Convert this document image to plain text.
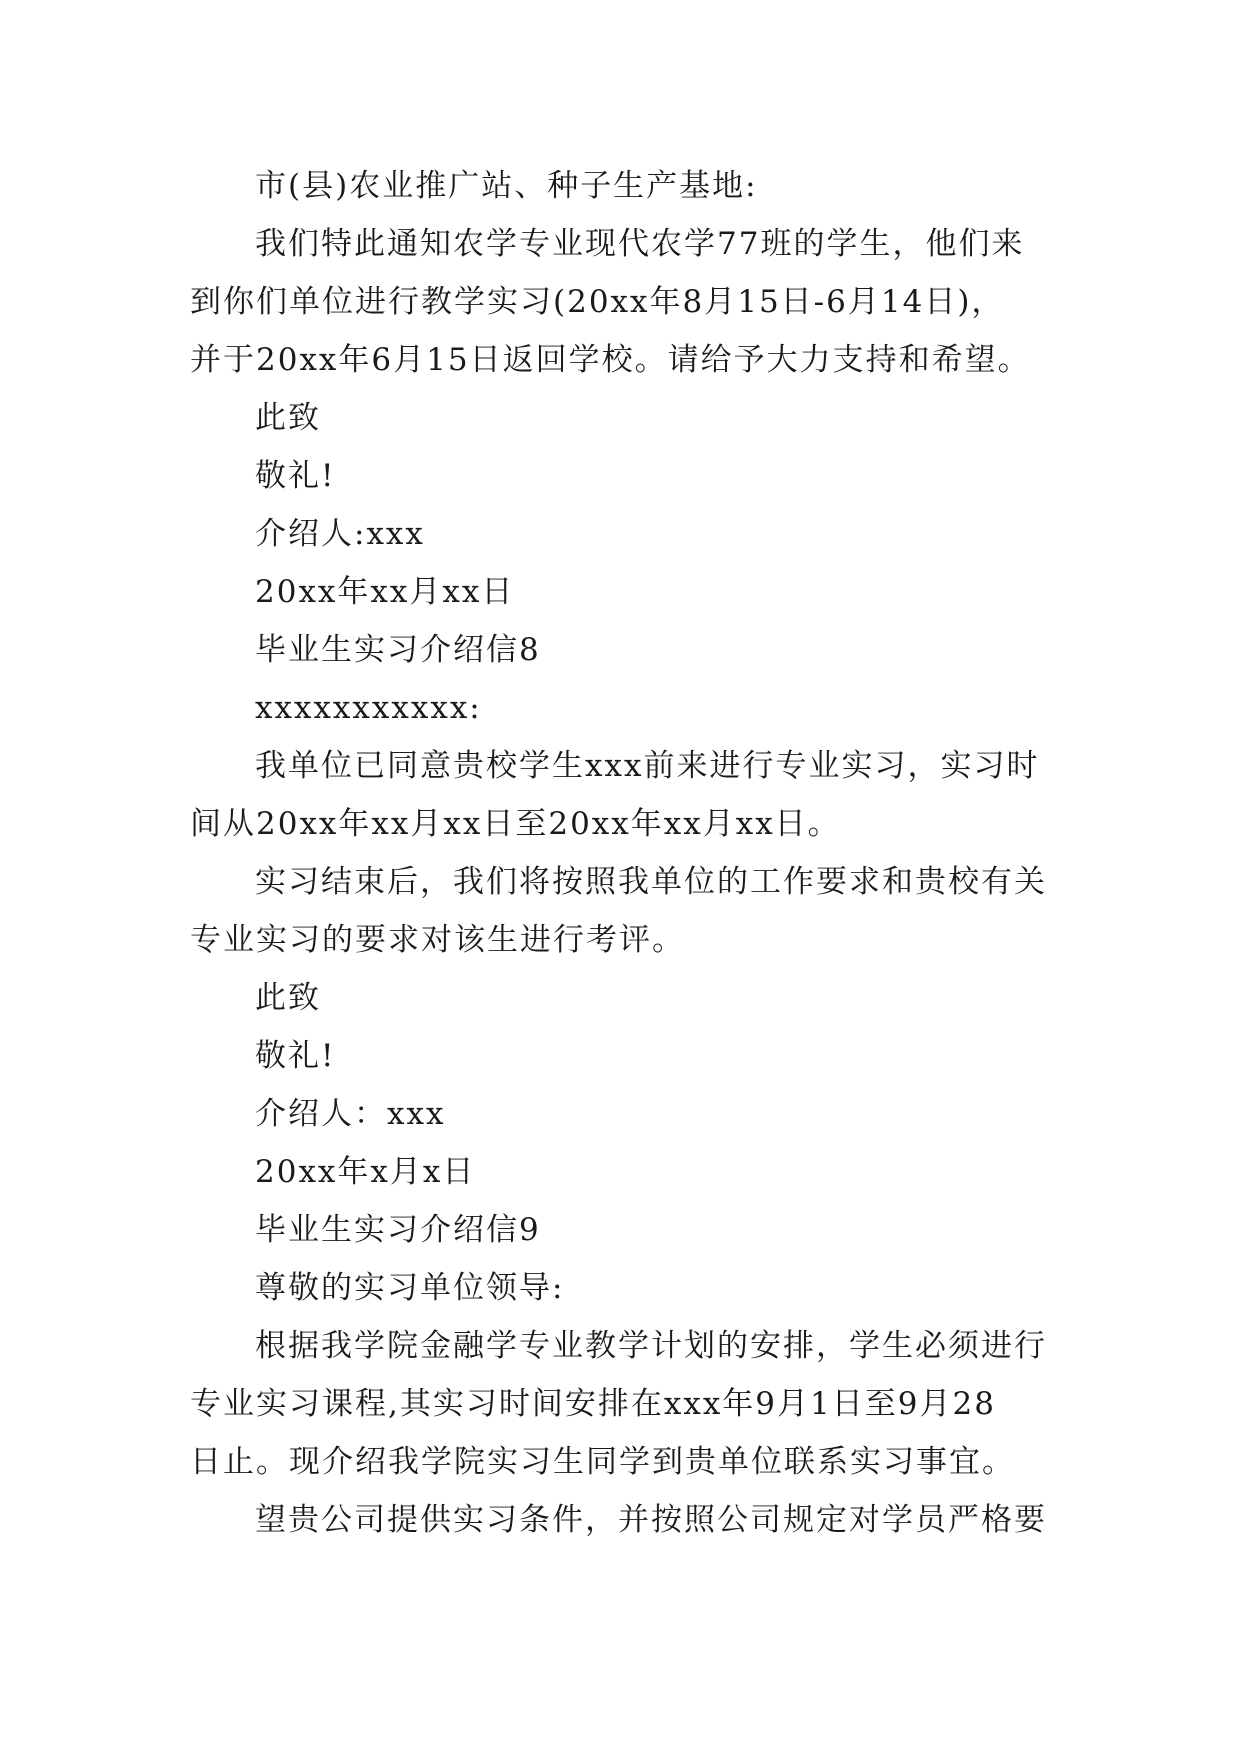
市(县)农业推广站、种子生产基地:
我们特此通知农学专业现代农学77班的学生，他们来
到你们单位进行教学实习(20xx年8月15日-6月14日)，
并于20xx年6月15日返回学校。请给予大力支持和希望。
此致
敬礼!
介绍人:xxx
20xx年xx月xx日
毕业生实习介绍信8
xxxxxxxxxxx:
我单位已同意贵校学生xxx前来进行专业实习，实习时
间从20xx年xx月xx日至20xx年xx月xx日。
实习结束后，我们将按照我单位的工作要求和贵校有关
专业实习的要求对该生进行考评。
此致
敬礼!
介绍人：xxx
20xx年x月x日
毕业生实习介绍信9
尊敬的实习单位领导:
根据我学院金融学专业教学计划的安排，学生必须进行
专业实习课程,其实习时间安排在xxx年9月1日至9月28
日止。现介绍我学院实习生同学到贵单位联系实习事宜。
望贵公司提供实习条件，并按照公司规定对学员严格要
